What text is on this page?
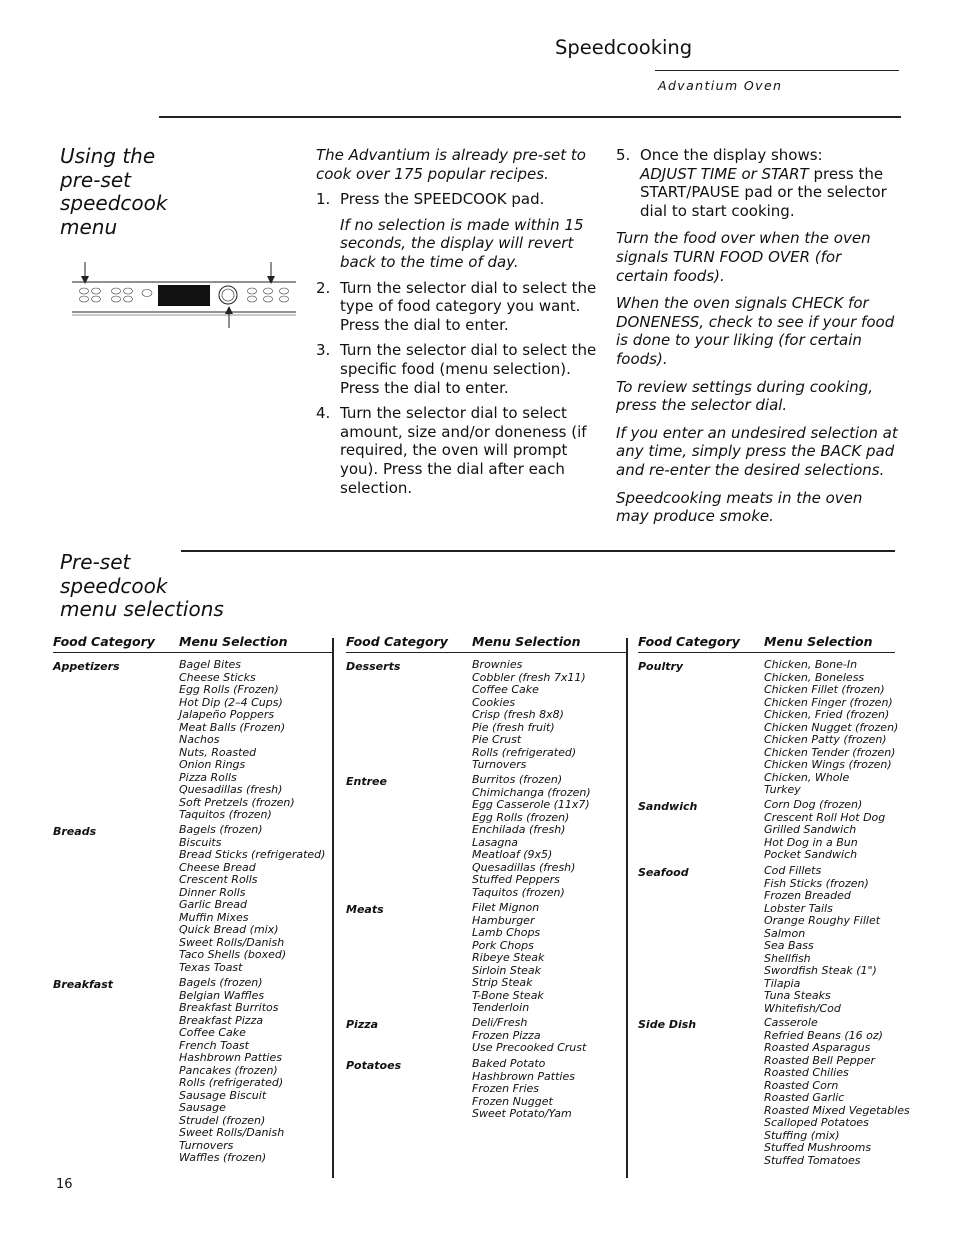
Speedcooking
Advantium Oven
Using the
pre-set
speedcook
menu

The Advantium is already pre-set to cook over 175 popular recipes.

1. Press the SPEEDCOOK pad.
If no selection is made within 15 seconds, the display will revert back to the time of day.
2. Turn the selector dial to select the type of food category you want. Press the dial to enter.
3. Turn the selector dial to select the specific food (menu selection). Press the dial to enter.
4. Turn the selector dial to select amount, size and/or doneness (if required, the oven will prompt you). Press the dial after each selection.
5. Once the display shows:
ADJUST TIME or START press the START/PAUSE pad or the selector dial to start cooking.

Turn the food over when the oven signals TURN FOOD OVER (for certain foods).

When the oven signals CHECK for DONENESS, check to see if your food is done to your liking (for certain foods).

To review settings during cooking, press the selector dial.

If you enter an undesired selection at any time, simply press the BACK pad and re-enter the desired selections.

Speedcooking meats in the oven may produce smoke.

Pre-set
speedcook
menu selections
Food Category Menu Selection
Appetizers	Bagel Bites
Cheese Sticks
Egg Rolls (Frozen)
Hot Dip (2–4 Cups)
Jalapeño Poppers
Meat Balls (Frozen)
Nachos
Nuts, Roasted
Onion Rings
Pizza Rolls
Quesadillas (fresh)
Soft Pretzels (frozen)
Taquitos (frozen)
Breads	Bagels (frozen)
Biscuits
Bread Sticks (refrigerated)
Cheese Bread
Crescent Rolls
Dinner Rolls
Garlic Bread
Muffin Mixes
Quick Bread (mix)
Sweet Rolls/Danish
Taco Shells (boxed)
Texas Toast
Breakfast	Bagels (frozen)
Belgian Waffles
Breakfast Burritos
Breakfast Pizza
Coffee Cake
French Toast
Hashbrown Patties
Pancakes (frozen)
Rolls (refrigerated)
Sausage Biscuit
Sausage
Strudel (frozen)
Sweet Rolls/Danish
Turnovers
Waffles (frozen)
Food Category Menu Selection
Desserts	Brownies
Cobbler (fresh 7x11)
Coffee Cake
Cookies
Crisp (fresh 8x8)
Pie (fresh fruit)
Pie Crust
Rolls (refrigerated)
Turnovers
Entree	Burritos (frozen)
Chimichanga (frozen)
Egg Casserole (11x7)
Egg Rolls (frozen)
Enchilada (fresh)
Lasagna
Meatloaf (9x5)
Quesadillas (fresh)
Stuffed Peppers
Taquitos (frozen)
Meats	Filet Mignon
Hamburger
Lamb Chops
Pork Chops
Ribeye Steak
Sirloin Steak
Strip Steak
T-Bone Steak
Tenderloin
Pizza	Deli/Fresh
Frozen Pizza
Use Precooked Crust
Potatoes	Baked Potato
Hashbrown Patties
Frozen Fries
Frozen Nugget
Sweet Potato/Yam
Food Category Menu Selection
Poultry	Chicken, Bone-In
Chicken, Boneless
Chicken Fillet (frozen)
Chicken Finger (frozen)
Chicken, Fried (frozen)
Chicken Nugget (frozen)
Chicken Patty (frozen)
Chicken Tender (frozen)
Chicken Wings (frozen)
Chicken, Whole
Turkey
Sandwich	Corn Dog (frozen)
Crescent Roll Hot Dog
Grilled Sandwich
Hot Dog in a Bun
Pocket Sandwich
Seafood	Cod Fillets
Fish Sticks (frozen)
Frozen Breaded
Lobster Tails
Orange Roughy Fillet
Salmon
Sea Bass
Shellfish
Swordfish Steak (1")
Tilapia
Tuna Steaks
Whitefish/Cod
Side Dish	Casserole
Refried Beans (16 oz)
Roasted Asparagus
Roasted Bell Pepper
Roasted Chilies
Roasted Corn
Roasted Garlic
Roasted Mixed Vegetables
Scalloped Potatoes
Stuffing (mix)
Stuffed Mushrooms
Stuffed Tomatoes
16
